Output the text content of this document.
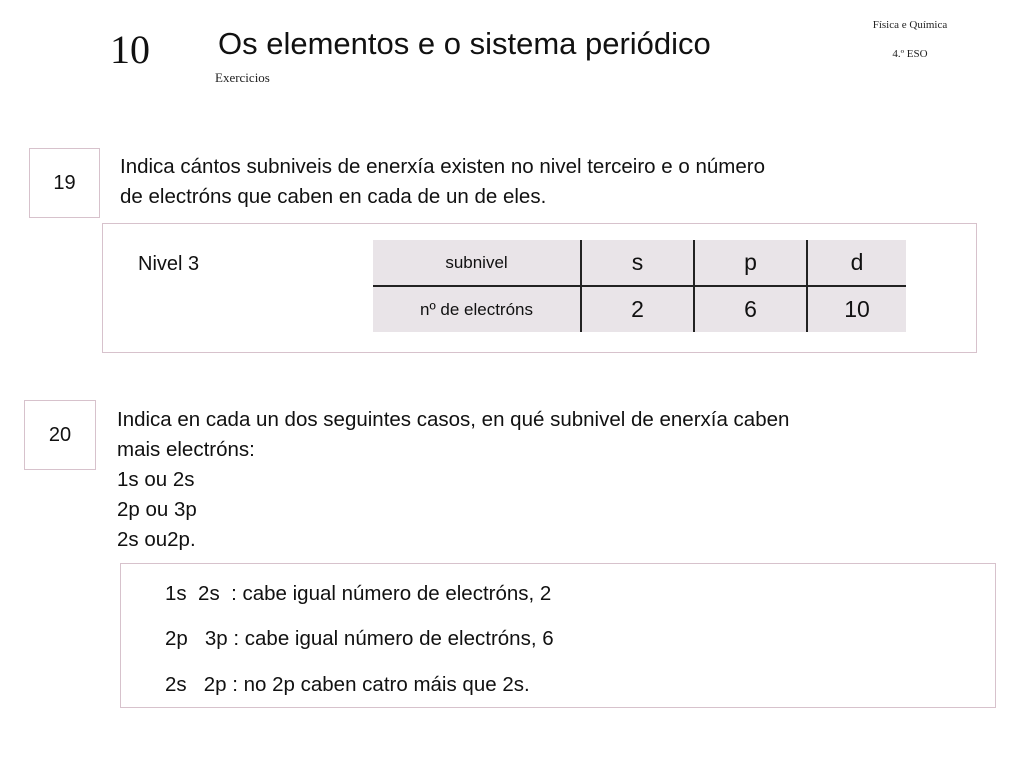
10 Os elementos e o sistema periódico
Exercicios
Física e Química
4.º ESO
19
Indica cántos subniveis de enerxía existen no nivel terceiro e o número
de electróns que caben en cada de un de eles.
Nivel 3	subnivel	s	p	d
nº de electróns	2	6	10
20
Indica en cada un dos seguintes casos, en qué subnivel de enerxía caben
mais electróns:
1s ou 2s
2p ou 3p
2s ou2p.
1s  2s  : cabe igual número de electróns, 2
2p   3p : cabe igual número de electróns, 6
2s   2p : no 2p caben catro máis que 2s.
